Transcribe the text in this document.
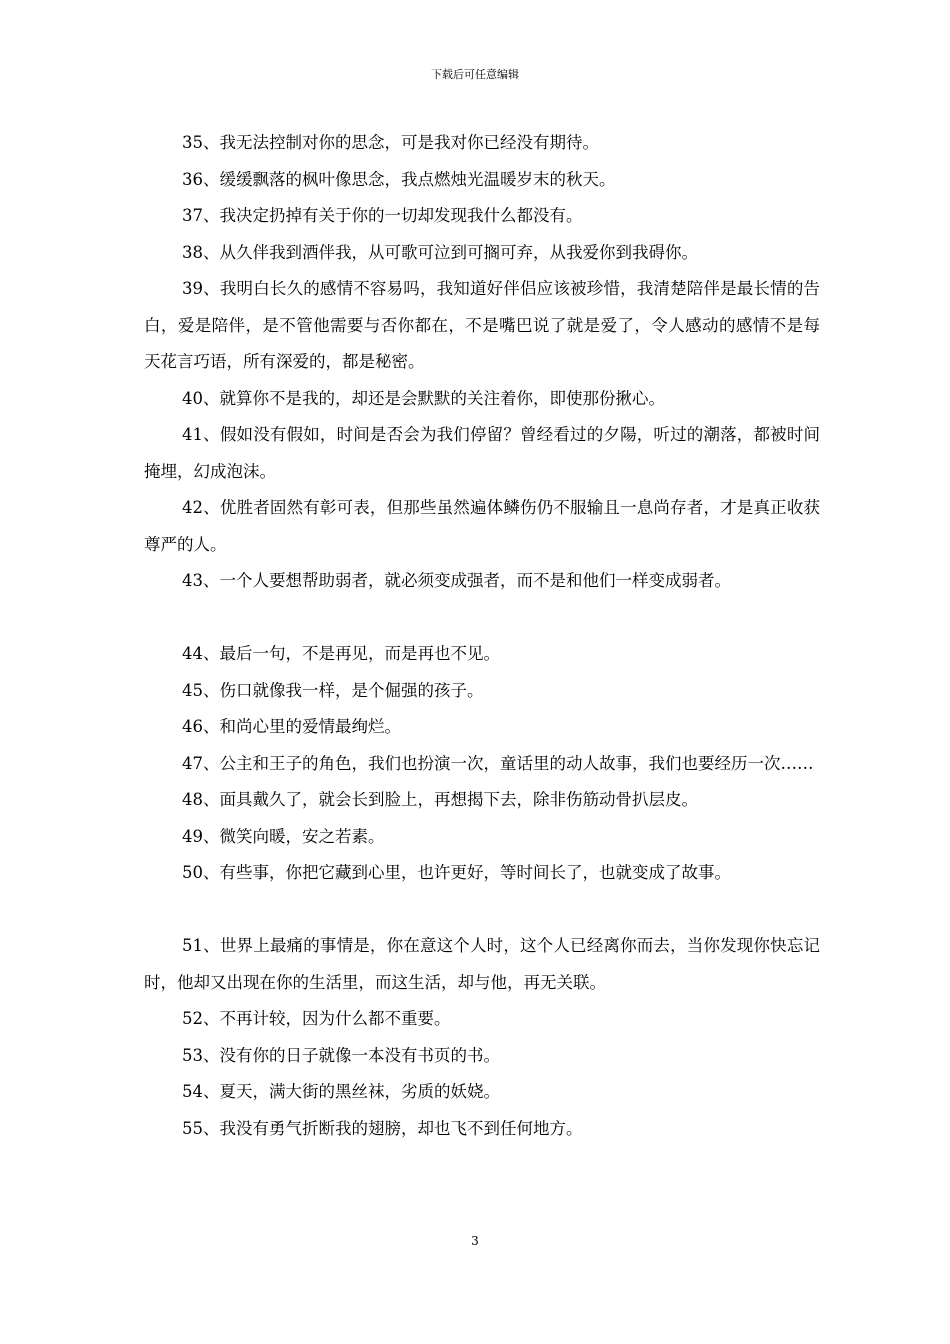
下载后可任意编辑

35、我无法控制对你的思念，可是我对你已经没有期待。

36、缓缓飘落的枫叶像思念，我点燃烛光温暖岁末的秋天。

37、我决定扔掉有关于你的一切却发现我什么都没有。

38、从久伴我到酒伴我，从可歌可泣到可搁可弃，从我爱你到我碍你。

39、我明白长久的感情不容易吗，我知道好伴侣应该被珍惜，我清楚陪伴是最长情的告白，爱是陪伴，是不管他需要与否你都在，不是嘴巴说了就是爱了，令人感动的感情不是每天花言巧语，所有深爱的，都是秘密。

40、就算你不是我的，却还是会默默的关注着你，即使那份揪心。

41、假如没有假如，时间是否会为我们停留？曾经看过的夕陽，听过的潮落，都被时间掩埋，幻成泡沫。

42、优胜者固然有彰可表，但那些虽然遍体鳞伤仍不服输且一息尚存者，才是真正收获尊严的人。

43、一个人要想帮助弱者，就必须变成强者，而不是和他们一样变成弱者。

44、最后一句，不是再见，而是再也不见。

45、伤口就像我一样，是个倔强的孩子。

46、和尚心里的爱情最绚烂。

47、公主和王子的角色，我们也扮演一次，童话里的动人故事，我们也要经历一次……

48、面具戴久了，就会长到脸上，再想揭下去，除非伤筋动骨扒层皮。

49、微笑向暖，安之若素。

50、有些事，你把它藏到心里，也许更好，等时间长了，也就变成了故事。

51、世界上最痛的事情是，你在意这个人时，这个人已经离你而去，当你发现你快忘记时，他却又出现在你的生活里，而这生活，却与他，再无关联。

52、不再计较，因为什么都不重要。

53、没有你的日子就像一本没有书页的书。

54、夏天，满大街的黑丝袜，劣质的妖娆。

55、我没有勇气折断我的翅膀，却也飞不到任何地方。

3
